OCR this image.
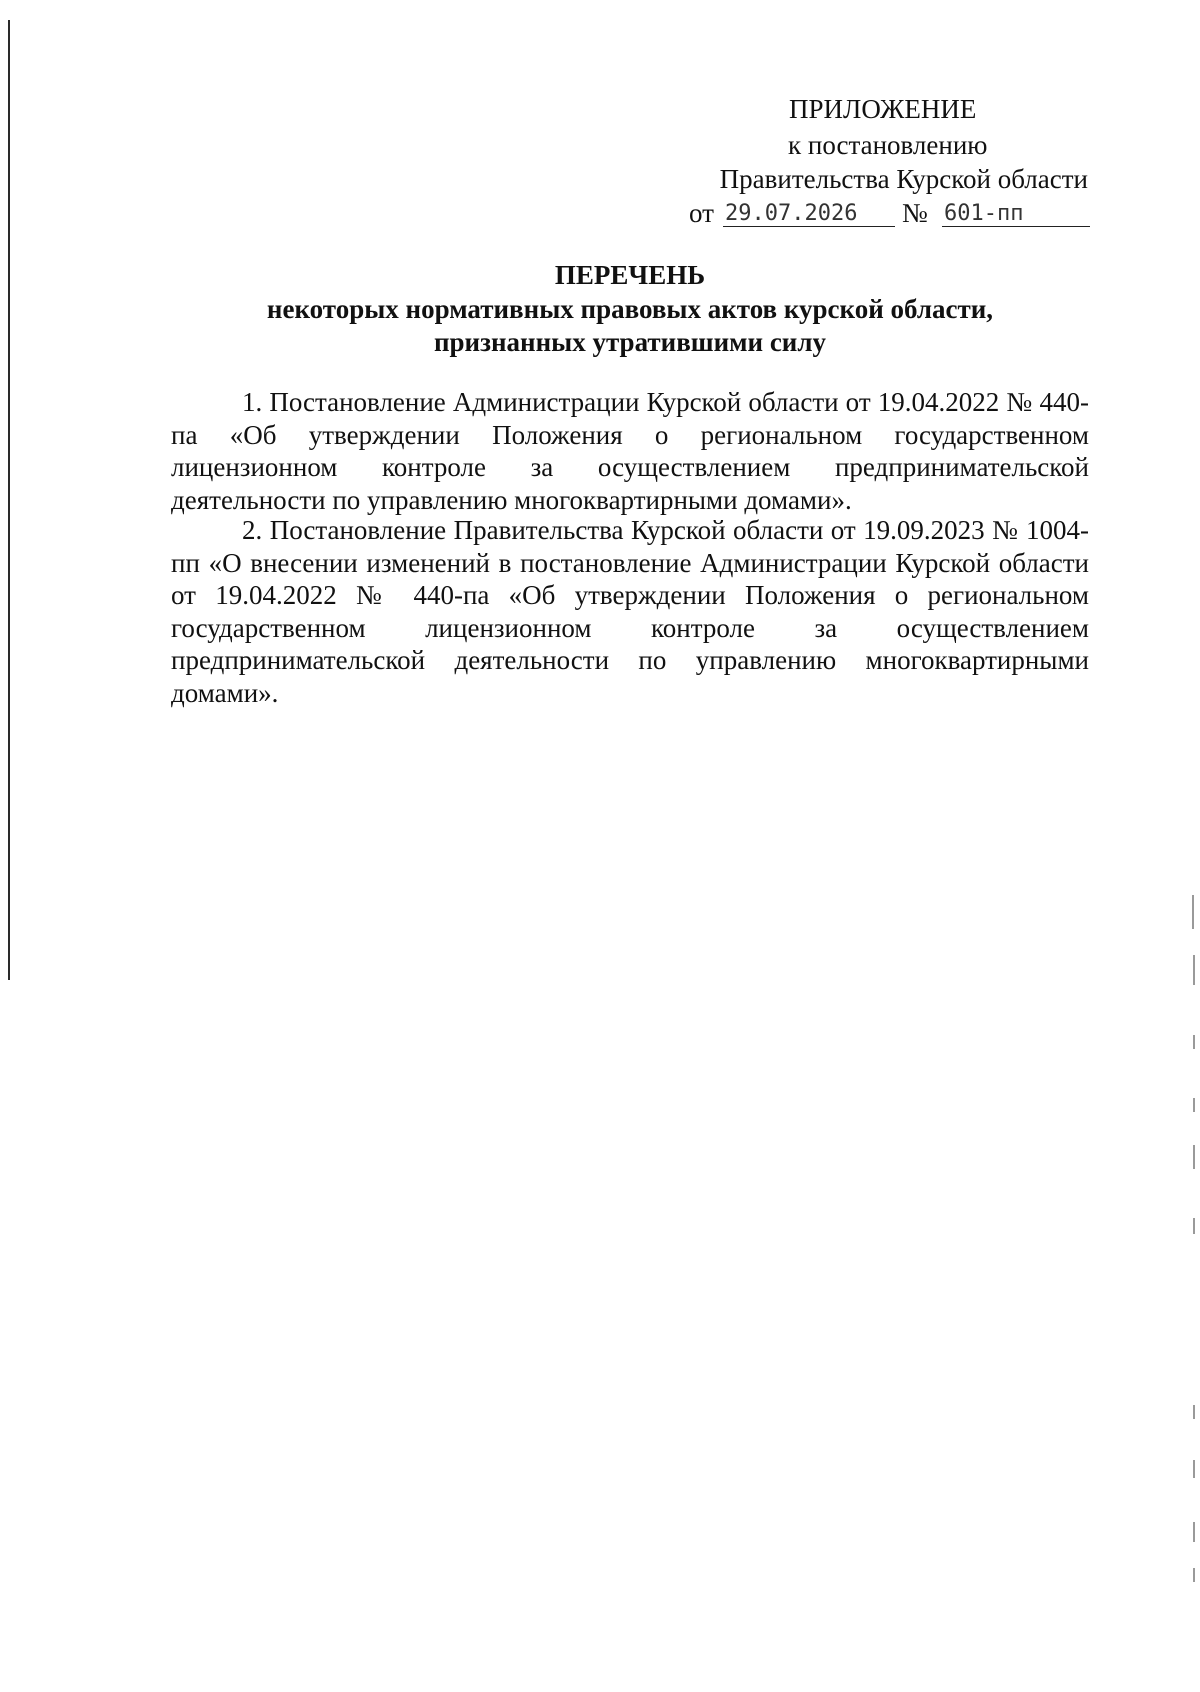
ПРИЛОЖЕНИЕ
к постановлению
Правительства Курской области
от 29.07.2026	№ 601-пп
ПЕРЕЧЕНЬ
некоторых нормативных правовых актов курской области,
признанных утратившими силу

1. Постановление Администрации Курской области от 19.04.2022 № 440-па «Об утверждении Положения о региональном государственном лицензионном контроле за осуществлением предпринимательской деятельности по управлению многоквартирными домами».

2. Постановление Правительства Курской области от 19.09.2023 № 1004-пп «О внесении изменений в постановление Администрации Курской области от 19.04.2022 № 440-па «Об утверждении Положения о региональном государственном лицензионном контроле за осуществлением предпринимательской деятельности по управлению многоквартирными домами».
